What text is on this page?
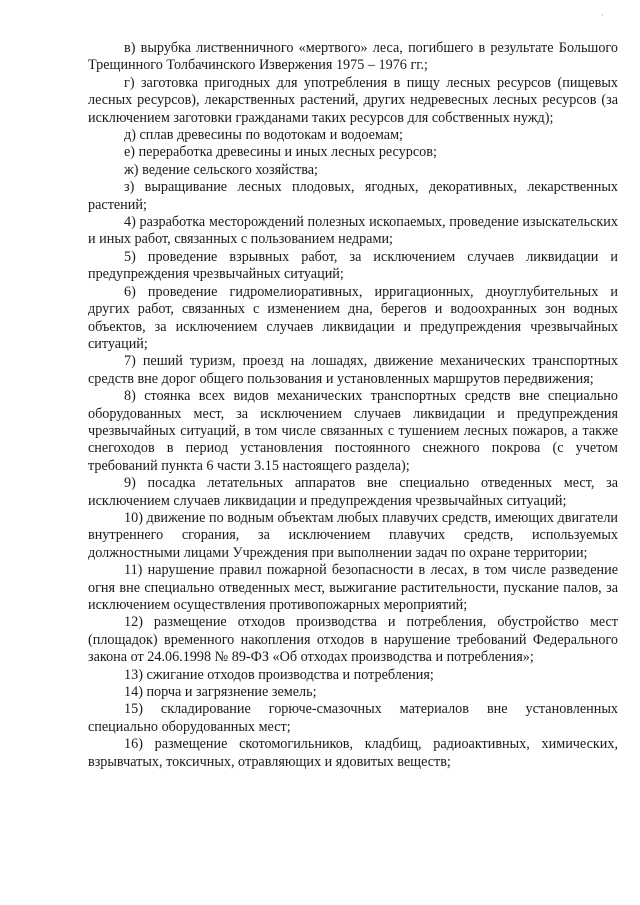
·

в) вырубка лиственничного «мертвого» леса, погибшего в результате Большого Трещинного Толбачинского Извержения 1975 – 1976 гг.;

г) заготовка пригодных для употребления в пищу лесных ресурсов (пищевых лесных ресурсов), лекарственных растений, других недревесных лесных ресурсов (за исключением заготовки гражданами таких ресурсов для собственных нужд);

д) сплав древесины по водотокам и водоемам;

е) переработка древесины и иных лесных ресурсов;

ж) ведение сельского хозяйства;

з) выращивание лесных плодовых, ягодных, декоративных, лекарственных растений;

4) разработка месторождений полезных ископаемых, проведение изыскательских и иных работ, связанных с пользованием недрами;

5) проведение взрывных работ, за исключением случаев ликвидации и предупреждения чрезвычайных ситуаций;

6) проведение гидромелиоративных, ирригационных, дноуглубительных и других работ, связанных с изменением дна, берегов и водоохранных зон водных объектов, за исключением случаев ликвидации и предупреждения чрезвычайных ситуаций;

7) пеший туризм, проезд на лошадях, движение механических транспортных средств вне дорог общего пользования и установленных маршрутов передвижения;

8) стоянка всех видов механических транспортных средств вне специально оборудованных мест, за исключением случаев ликвидации и предупреждения чрезвычайных ситуаций, в том числе связанных с тушением лесных пожаров, а также снегоходов в период установления постоянного снежного покрова (с учетом требований пункта 6 части 3.15 настоящего раздела);

9) посадка летательных аппаратов вне специально отведенных мест, за исключением случаев ликвидации и предупреждения чрезвычайных ситуаций;

10) движение по водным объектам любых плавучих средств, имеющих двигатели внутреннего сгорания, за исключением плавучих средств, используемых должностными лицами Учреждения при выполнении задач по охране территории;

11) нарушение правил пожарной безопасности в лесах, в том числе разведение огня вне специально отведенных мест, выжигание растительности, пускание палов, за исключением осуществления противопожарных мероприятий;

12) размещение отходов производства и потребления, обустройство мест (площадок) временного накопления отходов в нарушение требований Федерального закона от 24.06.1998 № 89-ФЗ «Об отходах производства и потребления»;

13) сжигание отходов производства и потребления;

14) порча и загрязнение земель;

15) складирование горюче-смазочных материалов вне установленных специально оборудованных мест;

16) размещение скотомогильников, кладбищ, радиоактивных, химических, взрывчатых, токсичных, отравляющих и ядовитых веществ;
